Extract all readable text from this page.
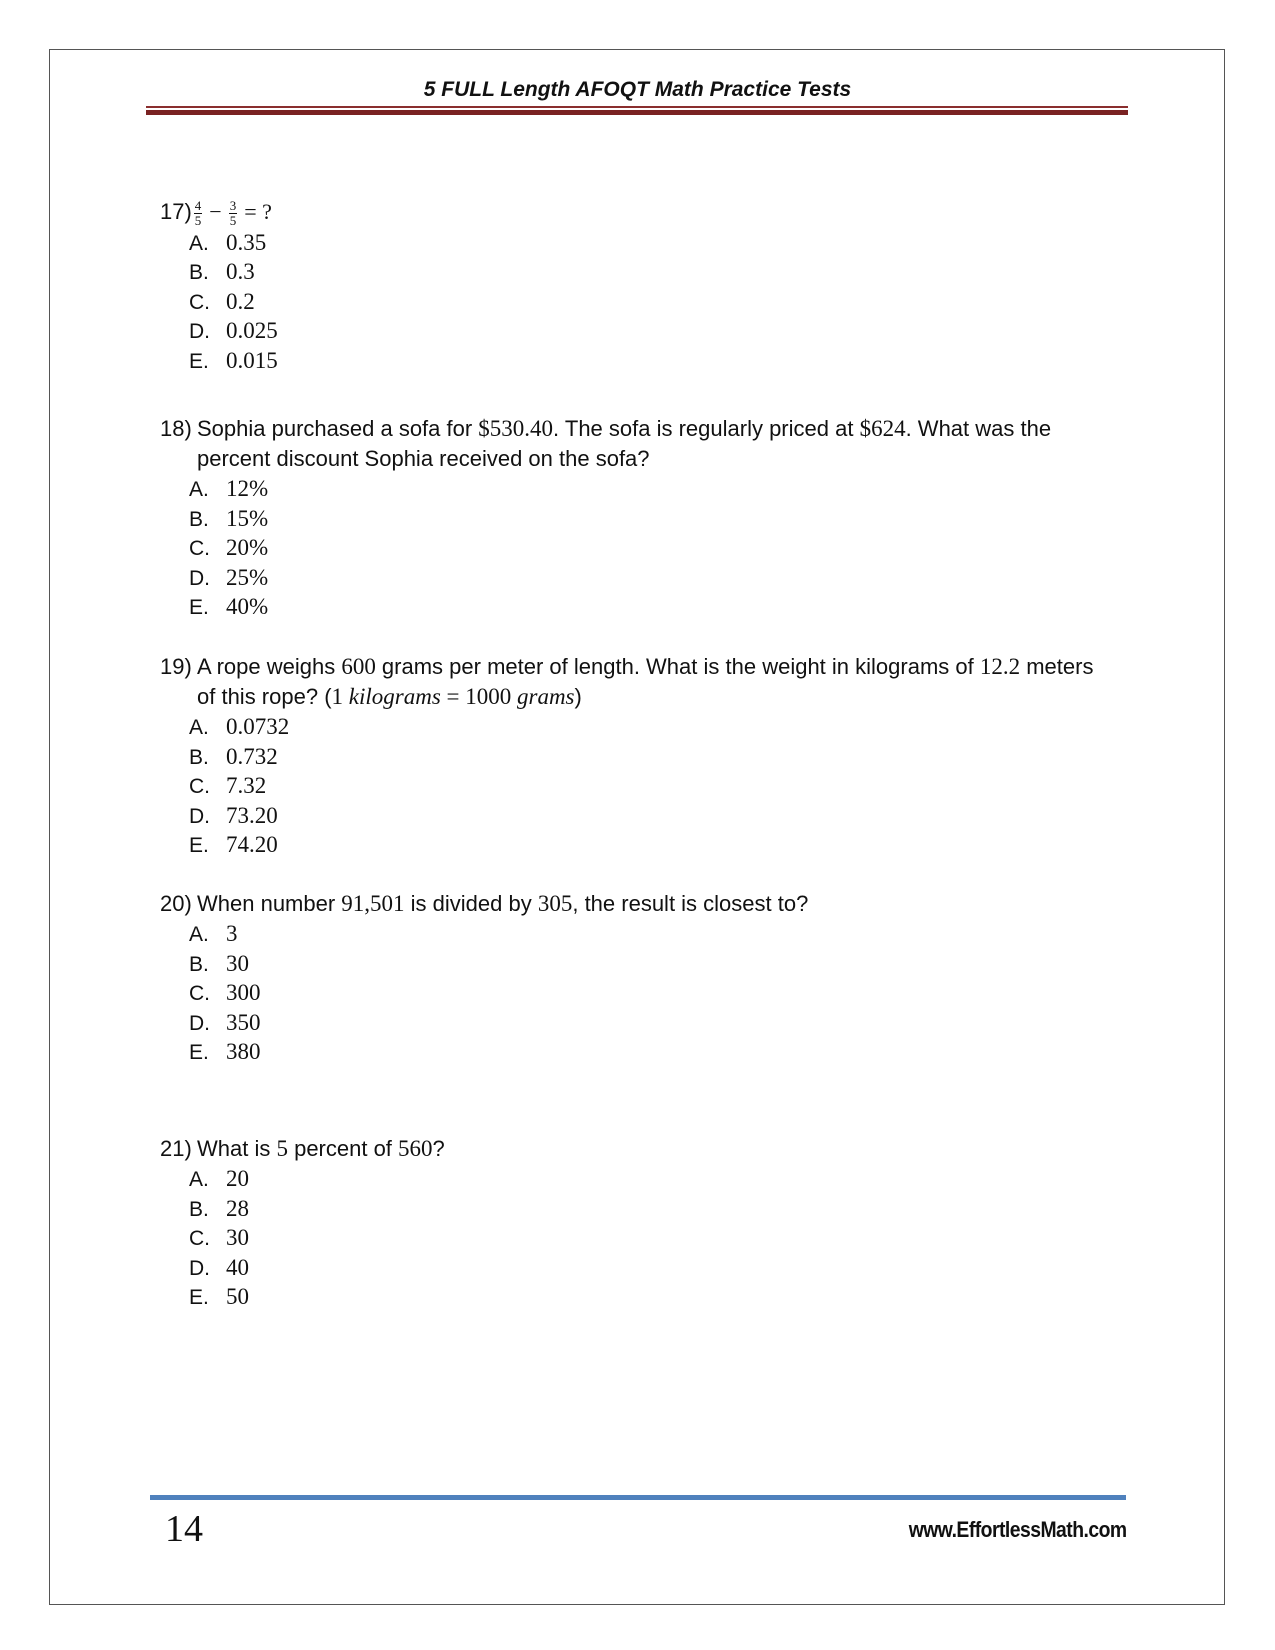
5 FULL Length AFOQT Math Practice Tests
$17) \frac{4}{5} - \frac{3}{5}$ = ?
A. 0.35
B. 0.3
C. 0.2
D. 0.025
E. 0.015
18) Sophia purchased a sofa for $530.40. The sofa is regularly priced at $624. What was the
percent discount Sophia received on the sofa?
A. 12%
B. 15%
C. 20%
D. 25%
E. 40%
19) A rope weighs 600 grams per meter of length. What is the weight in kilograms of 12.2 meters
of this rope? (1 kilograms = 1000 grams)
A. 0.0732
B. 0.732
C. 7.32
D. 73.20
E. 74.20
20) When number 91,501 is divided by 305, the result is closest to?
A. 3
B. 30
C. 300
D. 350
E. 380
21) What is 5 percent of 560?
A. 20
B. 28
C. 30
D. 40
E. 50
14	www.EffortlessMath.com
